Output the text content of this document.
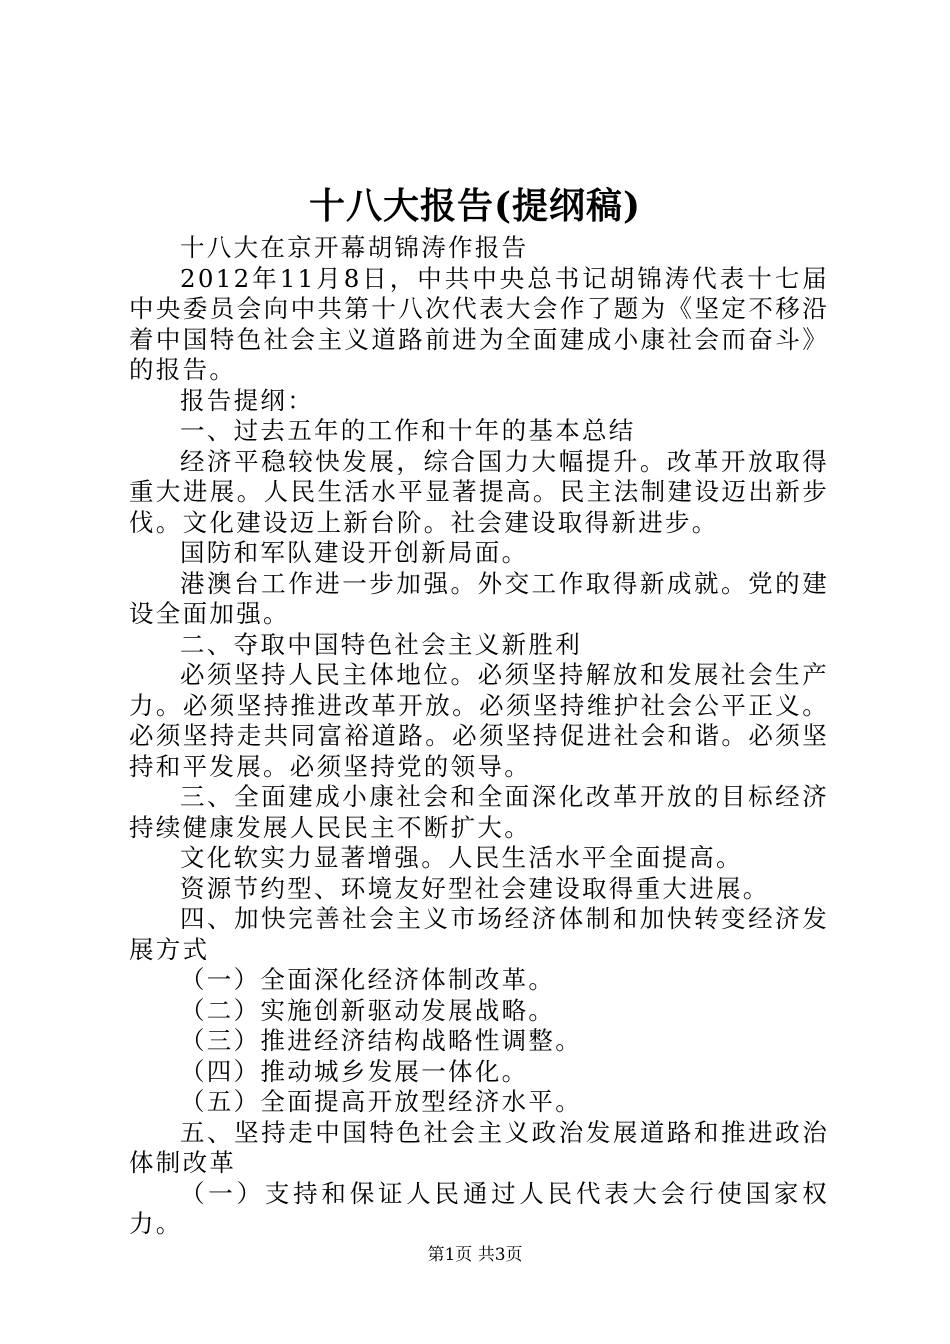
十八大报告(提纲稿)

十八大在京开幕胡锦涛作报告

2012年11月8日，中共中央总书记胡锦涛代表十七届中央委员会向中共第十八次代表大会作了题为《坚定不移沿着中国特色社会主义道路前进为全面建成小康社会而奋斗》的报告。

报告提纲：

一、过去五年的工作和十年的基本总结

经济平稳较快发展，综合国力大幅提升。改革开放取得重大进展。人民生活水平显著提高。民主法制建设迈出新步伐。文化建设迈上新台阶。社会建设取得新进步。

国防和军队建设开创新局面。

港澳台工作进一步加强。外交工作取得新成就。党的建设全面加强。

二、夺取中国特色社会主义新胜利

必须坚持人民主体地位。必须坚持解放和发展社会生产力。必须坚持推进改革开放。必须坚持维护社会公平正义。必须坚持走共同富裕道路。必须坚持促进社会和谐。必须坚持和平发展。必须坚持党的领导。

三、全面建成小康社会和全面深化改革开放的目标经济持续健康发展人民民主不断扩大。

文化软实力显著增强。人民生活水平全面提高。

资源节约型、环境友好型社会建设取得重大进展。

四、加快完善社会主义市场经济体制和加快转变经济发展方式

（一）全面深化经济体制改革。

（二）实施创新驱动发展战略。

（三）推进经济结构战略性调整。

（四）推动城乡发展一体化。

（五）全面提高开放型经济水平。

五、坚持走中国特色社会主义政治发展道路和推进政治体制改革

（一）支持和保证人民通过人民代表大会行使国家权力。

第1页 共3页
